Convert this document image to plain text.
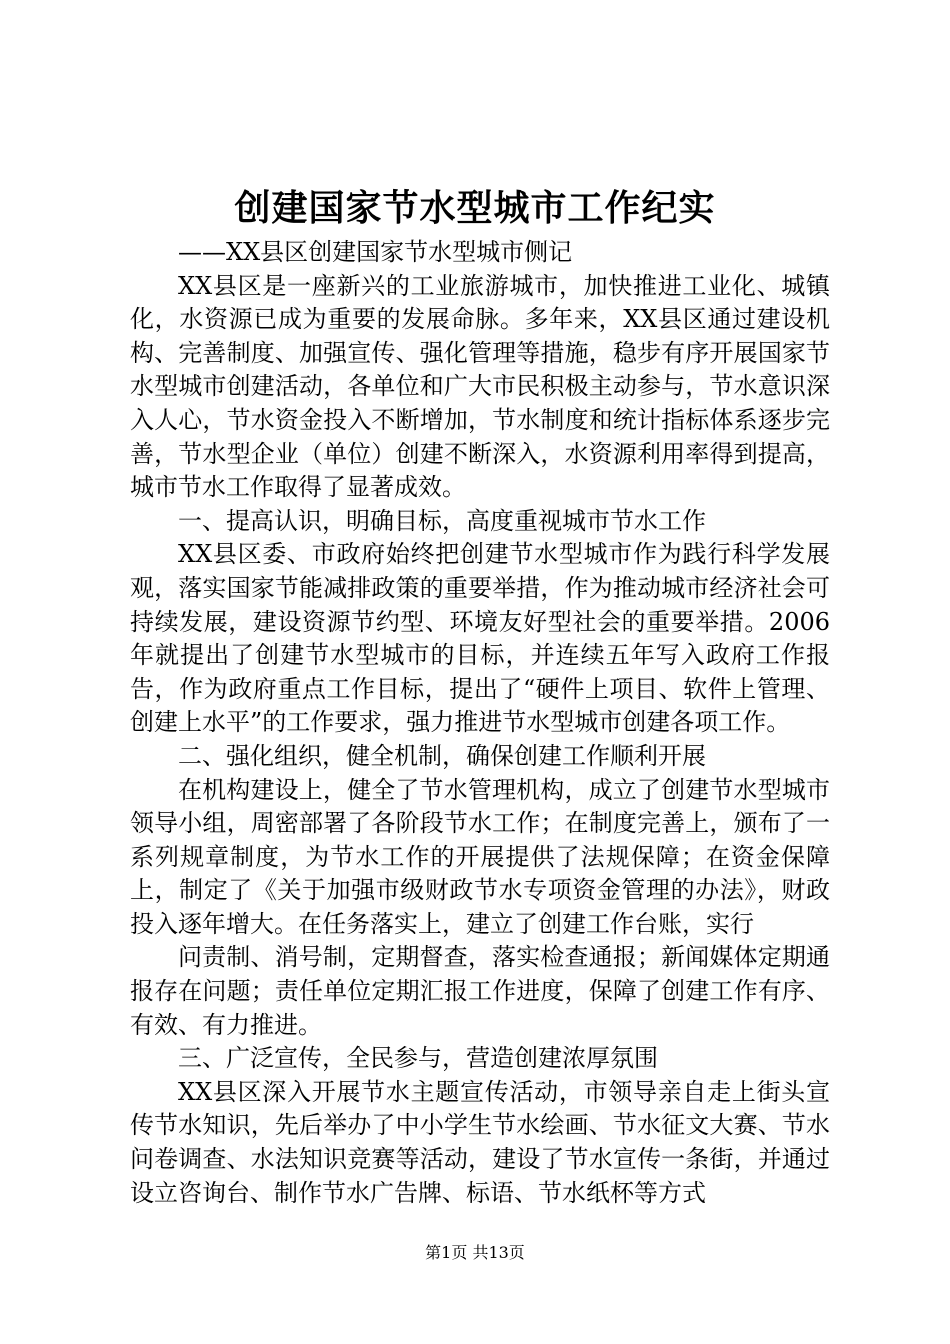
创建国家节水型城市工作纪实

——XX县区创建国家节水型城市侧记

XX县区是一座新兴的工业旅游城市，加快推进工业化、城镇化，水资源已成为重要的发展命脉。多年来，XX县区通过建设机构、完善制度、加强宣传、强化管理等措施，稳步有序开展国家节水型城市创建活动，各单位和广大市民积极主动参与，节水意识深入人心，节水资金投入不断增加，节水制度和统计指标体系逐步完善，节水型企业（单位）创建不断深入，水资源利用率得到提高，城市节水工作取得了显著成效。

一、提高认识，明确目标，高度重视城市节水工作

XX县区委、市政府始终把创建节水型城市作为践行科学发展观，落实国家节能减排政策的重要举措，作为推动城市经济社会可持续发展，建设资源节约型、环境友好型社会的重要举措。2006年就提出了创建节水型城市的目标，并连续五年写入政府工作报告，作为政府重点工作目标，提出了“硬件上项目、软件上管理、创建上水平”的工作要求，强力推进节水型城市创建各项工作。

二、强化组织，健全机制，确保创建工作顺利开展

在机构建设上，健全了节水管理机构，成立了创建节水型城市领导小组，周密部署了各阶段节水工作；在制度完善上，颁布了一系列规章制度，为节水工作的开展提供了法规保障；在资金保障上，制定了《关于加强市级财政节水专项资金管理的办法》，财政投入逐年增大。在任务落实上，建立了创建工作台账，实行

问责制、消号制，定期督查，落实检查通报；新闻媒体定期通报存在问题；责任单位定期汇报工作进度，保障了创建工作有序、有效、有力推进。

三、广泛宣传，全民参与，营造创建浓厚氛围

XX县区深入开展节水主题宣传活动，市领导亲自走上街头宣传节水知识，先后举办了中小学生节水绘画、节水征文大赛、节水问卷调查、水法知识竞赛等活动，建设了节水宣传一条街，并通过设立咨询台、制作节水广告牌、标语、节水纸杯等方式

第1页 共13页
